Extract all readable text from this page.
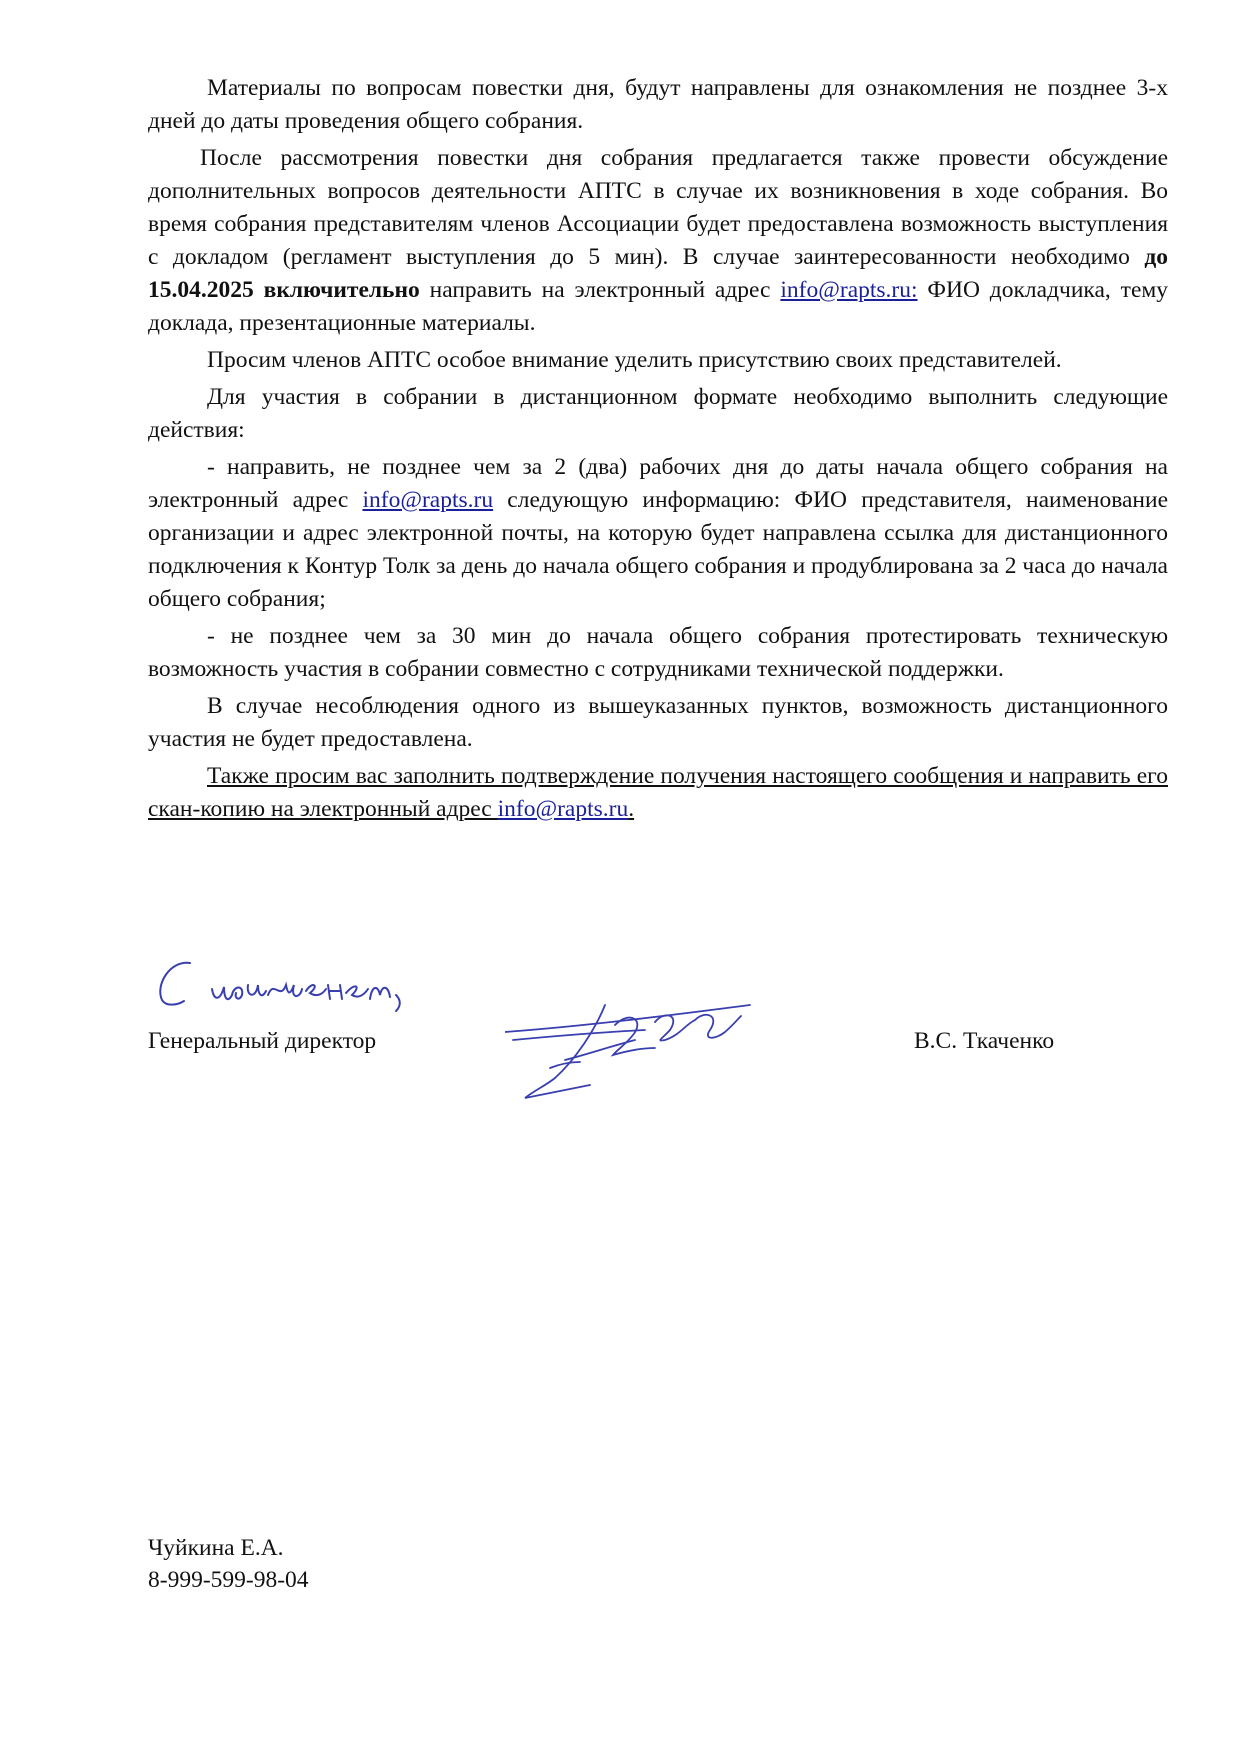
Материалы по вопросам повестки дня, будут направлены для ознакомления не позднее 3-х дней до даты проведения общего собрания.

После рассмотрения повестки дня собрания предлагается также провести обсуждение дополнительных вопросов деятельности АПТС в случае их возникновения в ходе собрания. Во время собрания представителям членов Ассоциации будет предоставлена возможность выступления с докладом (регламент выступления до 5 мин). В случае заинтересованности необходимо до 15.04.2025 включительно направить на электронный адрес info@rapts.ru: ФИО докладчика, тему доклада, презентационные материалы.

Просим членов АПТС особое внимание уделить присутствию своих представителей.

Для участия в собрании в дистанционном формате необходимо выполнить следующие действия:

- направить, не позднее чем за 2 (два) рабочих дня до даты начала общего собрания на электронный адрес info@rapts.ru следующую информацию: ФИО представителя, наименование организации и адрес электронной почты, на которую будет направлена ссылка для дистанционного подключения к Контур Толк за день до начала общего собрания и продублирована за 2 часа до начала общего собрания;

- не позднее чем за 30 мин до начала общего собрания протестировать техническую возможность участия в собрании совместно с сотрудниками технической поддержки.

В случае несоблюдения одного из вышеуказанных пунктов, возможность дистанционного участия не будет предоставлена.

Также просим вас заполнить подтверждение получения настоящего сообщения и направить его скан-копию на электронный адрес info@rapts.ru.

Генеральный директор	В.С. Ткаченко
Чуйкина Е.А.
8-999-599-98-04
